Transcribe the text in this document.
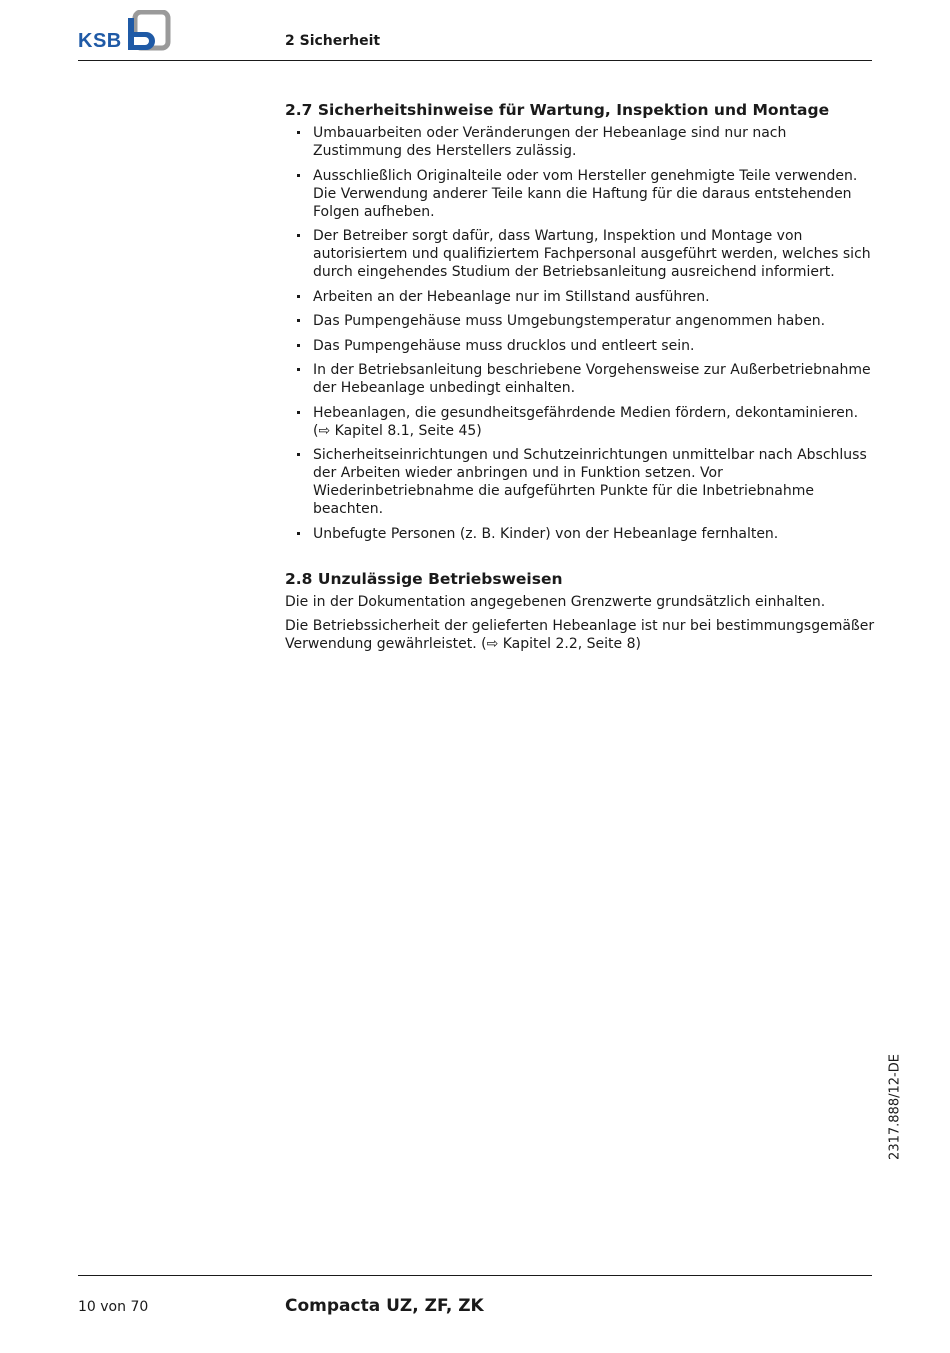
KSB	2 Sicherheit
2.7 Sicherheitshinweise für Wartung, Inspektion und Montage
Umbauarbeiten oder Veränderungen der Hebeanlage sind nur nach Zustimmung des Herstellers zulässig.
Ausschließlich Originalteile oder vom Hersteller genehmigte Teile verwenden. Die Verwendung anderer Teile kann die Haftung für die daraus entstehenden Folgen aufheben.
Der Betreiber sorgt dafür, dass Wartung, Inspektion und Montage von autorisiertem und qualifiziertem Fachpersonal ausgeführt werden, welches sich durch eingehendes Studium der Betriebsanleitung ausreichend informiert.
Arbeiten an der Hebeanlage nur im Stillstand ausführen.
Das Pumpengehäuse muss Umgebungstemperatur angenommen haben.
Das Pumpengehäuse muss drucklos und entleert sein.
In der Betriebsanleitung beschriebene Vorgehensweise zur Außerbetriebnahme der Hebeanlage unbedingt einhalten.
Hebeanlagen, die gesundheitsgefährdende Medien fördern, dekontaminieren. (⇨ Kapitel 8.1, Seite 45)
Sicherheitseinrichtungen und Schutzeinrichtungen unmittelbar nach Abschluss der Arbeiten wieder anbringen und in Funktion setzen. Vor Wiederinbetriebnahme die aufgeführten Punkte für die Inbetriebnahme beachten.
Unbefugte Personen (z. B. Kinder) von der Hebeanlage fernhalten.
2.8 Unzulässige Betriebsweisen

Die in der Dokumentation angegebenen Grenzwerte grundsätzlich einhalten.

Die Betriebssicherheit der gelieferten Hebeanlage ist nur bei bestimmungsgemäßer Verwendung gewährleistet. (⇨ Kapitel 2.2, Seite 8)

2317.888/12-DE
10 von 70	Compacta UZ, ZF, ZK
